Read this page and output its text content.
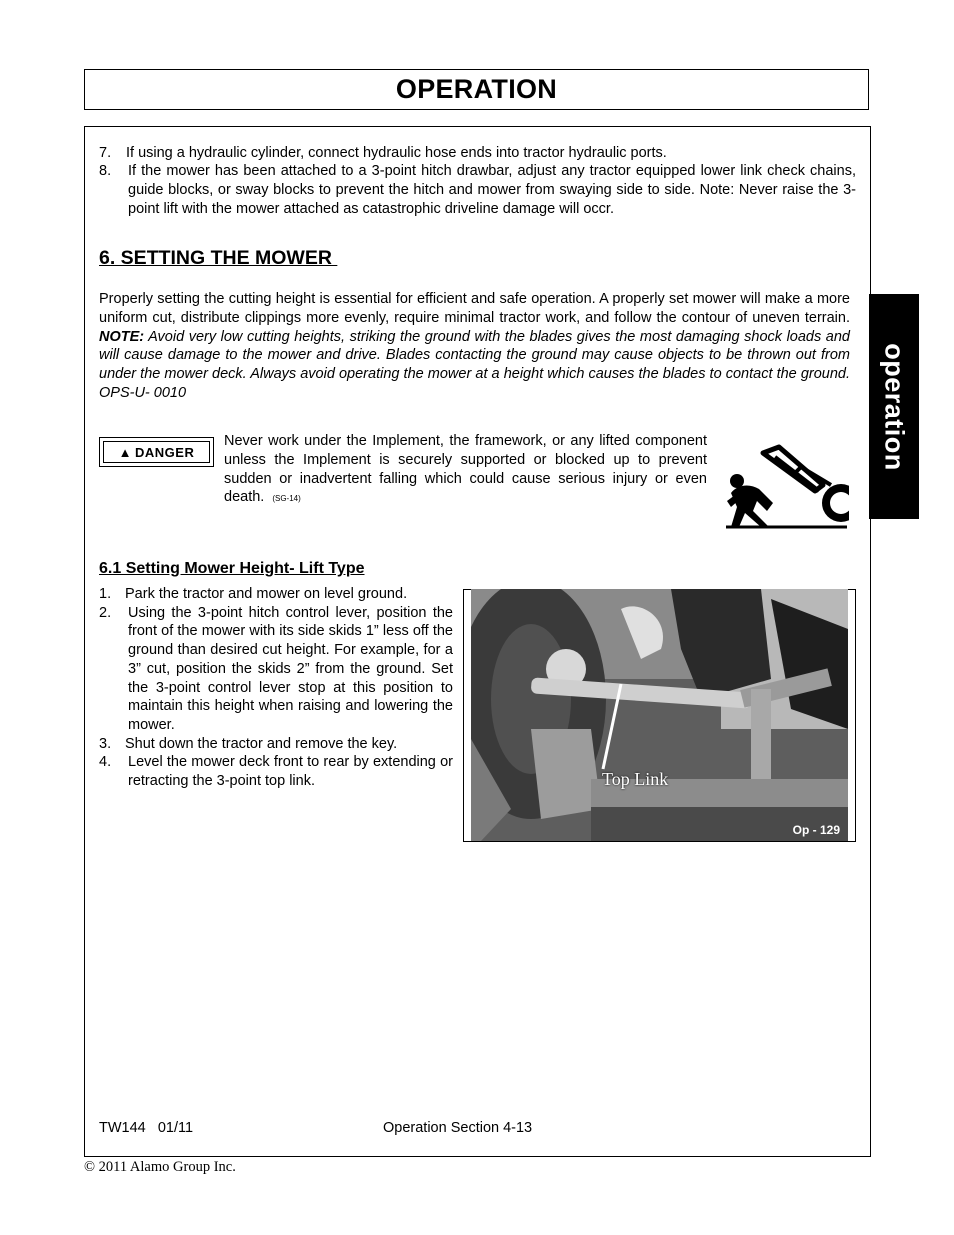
OPERATION
operation
7. If using a hydraulic cylinder, connect hydraulic hose ends into tractor hydraulic ports.
8. If the mower has been attached to a 3-point hitch drawbar, adjust any tractor equipped lower link check chains, guide blocks, or sway blocks to prevent the hitch and mower from swaying side to side. Note: Never raise the 3-point lift with the mower attached as catastrophic driveline damage will occr.
6. SETTING THE MOWER
Properly setting the cutting height is essential for efficient and safe operation. A properly set mower will make a more uniform cut, distribute clippings more evenly, require minimal tractor work, and follow the contour of uneven terrain. NOTE: Avoid very low cutting heights, striking the ground with the blades gives the most damaging shock loads and will cause damage to the mower and drive. Blades contacting the ground may cause objects to be thrown out from under the mower deck. Always avoid operating the mower at a height which causes the blades to contact the ground. OPS-U- 0010
▲ DANGER
Never work under the Implement, the framework, or any lifted component unless the Implement is securely supported or blocked up to prevent sudden or inadvertent falling which could cause serious injury or even death. (SG-14)
6.1 Setting Mower Height- Lift Type
1. Park the tractor and mower on level ground.
2. Using the 3-point hitch control lever, position the front of the mower with its side skids 1” less off the ground than desired cut height. For example, for a 3” cut, position the skids 2” from the ground. Set the 3-point control lever stop at this position to maintain this height when raising and lowering the mower.
3. Shut down the tractor and remove the key.
4. Level the mower deck front to rear by extending or retracting the 3-point top link.	Top Link
Op - 129
TW144   01/11	Operation Section 4-13
© 2011 Alamo Group Inc.
